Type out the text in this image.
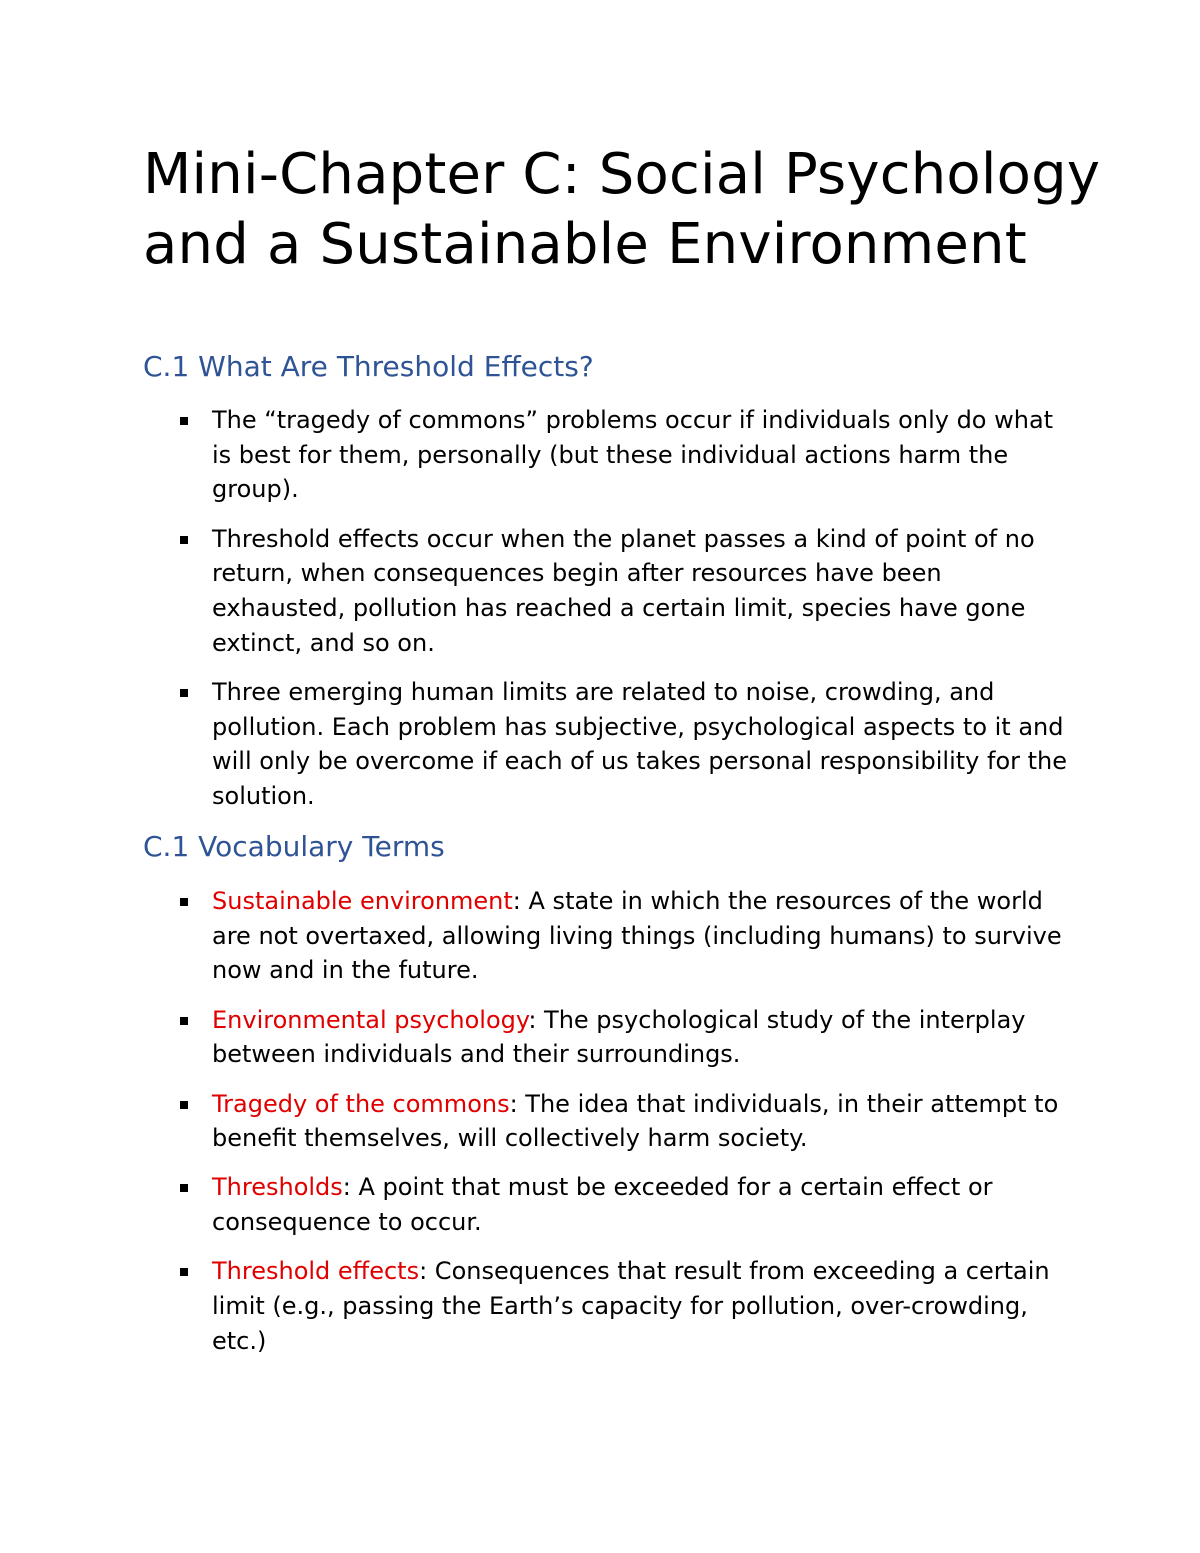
Mini-Chapter C: Social Psychology and a Sustainable Environment
C.1 What Are Threshold Effects?
The “tragedy of commons” problems occur if individuals only do what is best for them, personally (but these individual actions harm the group).
Threshold effects occur when the planet passes a kind of point of no return, when consequences begin after resources have been exhausted, pollution has reached a certain limit, species have gone extinct, and so on.
Three emerging human limits are related to noise, crowding, and pollution. Each problem has subjective, psychological aspects to it and will only be overcome if each of us takes personal responsibility for the solution.
C.1 Vocabulary Terms
Sustainable environment: A state in which the resources of the world are not overtaxed, allowing living things (including humans) to survive now and in the future.
Environmental psychology: The psychological study of the interplay between individuals and their surroundings.
Tragedy of the commons: The idea that individuals, in their attempt to benefit themselves, will collectively harm society.
Thresholds: A point that must be exceeded for a certain effect or consequence to occur.
Threshold effects: Consequences that result from exceeding a certain limit (e.g., passing the Earth’s capacity for pollution, over-crowding, etc.)
